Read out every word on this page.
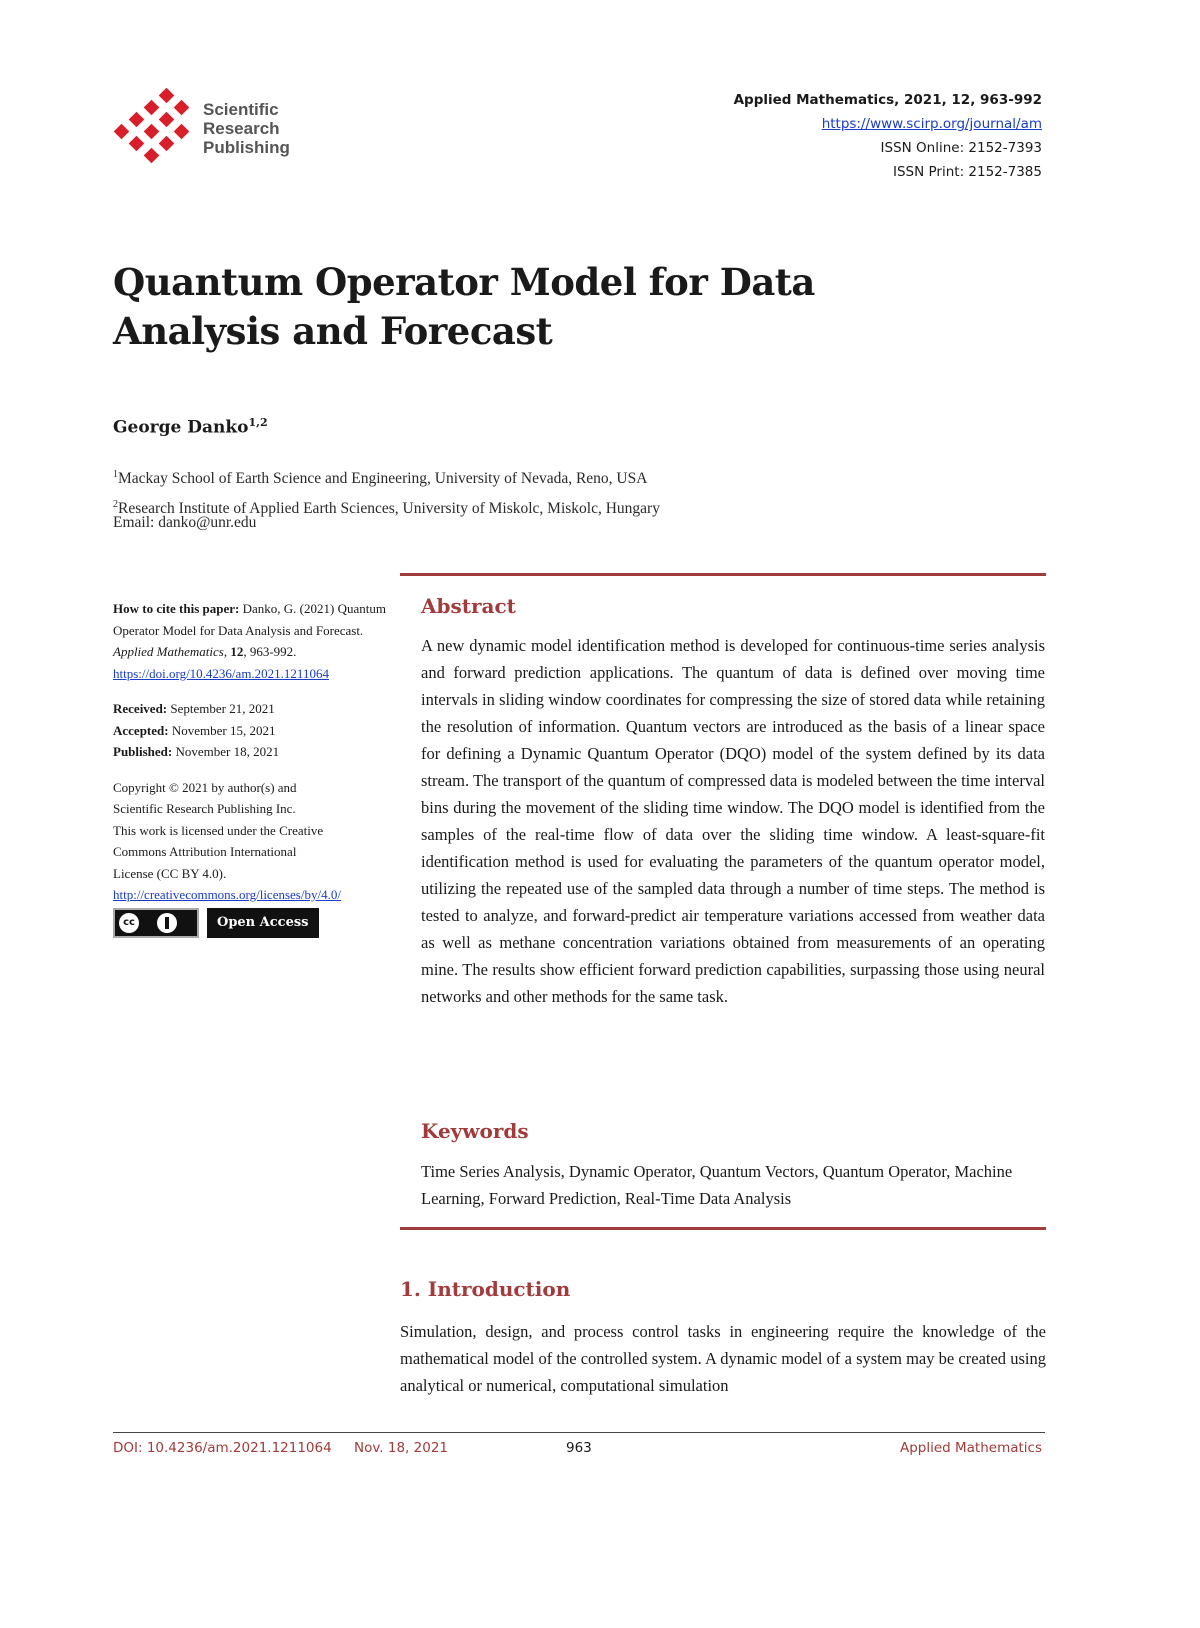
Scientific
Research
Publishing
Applied Mathematics, 2021, 12, 963-992
https://www.scirp.org/journal/am
ISSN Online: 2152-7393
ISSN Print: 2152-7385
Quantum Operator Model for Data
Analysis and Forecast
George Danko$^{1,2}$
$^1$Mackay School of Earth Science and Engineering, University of Nevada, Reno, USA
$^2$Research Institute of Applied Earth Sciences, University of Miskolc, Miskolc, Hungary
Email: danko@unr.edu

How to cite this paper: Danko, G. (2021) Quantum Operator Model for Data Analysis and Forecast. Applied Mathematics, 12, 963-992.

https://doi.org/10.4236/am.2021.1211064

Received: September 21, 2021

Accepted: November 15, 2021

Published: November 18, 2021

Copyright © 2021 by author(s) and

Scientific Research Publishing Inc.

This work is licensed under the Creative

Commons Attribution International

License (CC BY 4.0).

http://creativecommons.org/licenses/by/4.0/

cc	Open Access
Abstract

A new dynamic model identification method is developed for continuous-time series analysis and forward prediction applications. The quantum of data is defined over moving time intervals in sliding window coordinates for compressing the size of stored data while retaining the resolution of information. Quantum vectors are introduced as the basis of a linear space for defining a Dynamic Quantum Operator (DQO) model of the system defined by its data stream. The transport of the quantum of compressed data is modeled between the time interval bins during the movement of the sliding time window. The DQO model is identified from the samples of the real-time flow of data over the sliding time window. A least-square-fit identification method is used for evaluating the parameters of the quantum operator model, utilizing the repeated use of the sampled data through a number of time steps. The method is tested to analyze, and forward-predict air temperature variations accessed from weather data as well as methane concentration variations obtained from measurements of an operating mine. The results show efficient forward prediction capabilities, surpassing those using neural networks and other methods for the same task.

Keywords

Time Series Analysis, Dynamic Operator, Quantum Vectors, Quantum Operator, Machine Learning, Forward Prediction, Real-Time Data Analysis

1. Introduction

Simulation, design, and process control tasks in engineering require the knowledge of the mathematical model of the controlled system. A dynamic model of a system may be created using analytical or numerical, computational simulation

DOI: 10.4236/am.2021.1211064 Nov. 18, 2021	963	Applied Mathematics
